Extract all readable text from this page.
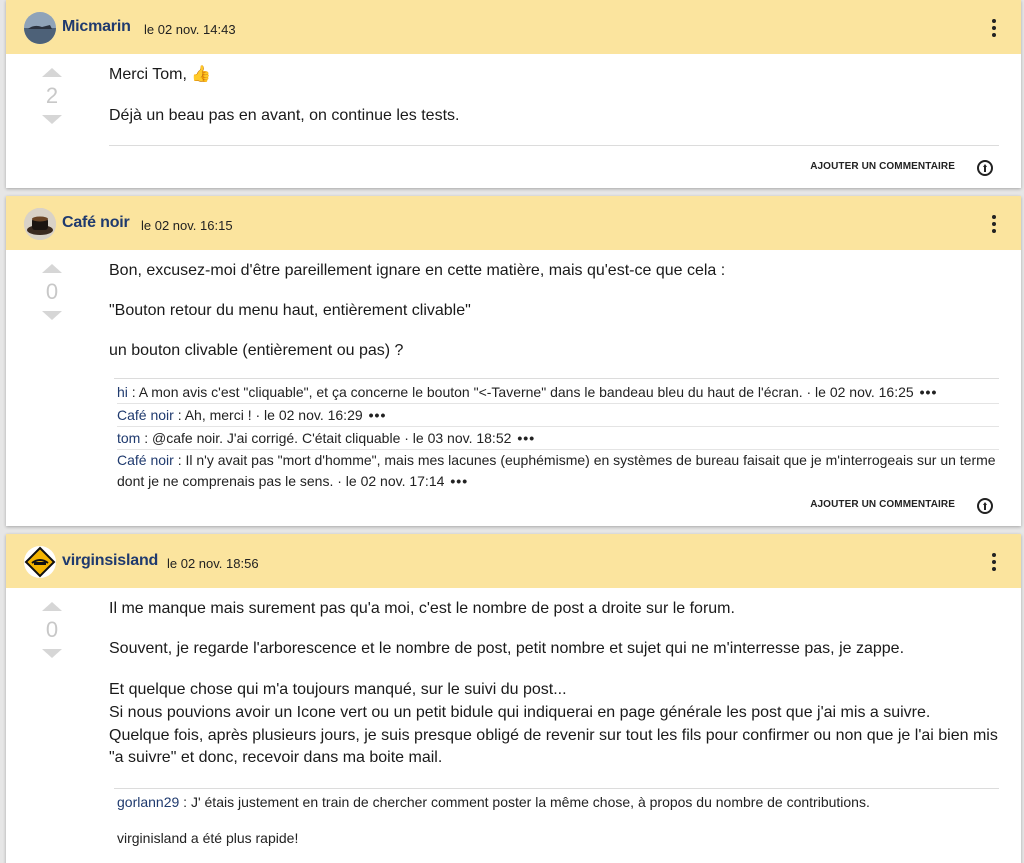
Micmarin le 02 nov. 14:43
2

Merci Tom, 👍

Déjà un beau pas en avant, on continue les tests.

AJOUTER UN COMMENTAIRE
Café noir le 02 nov. 16:15
0

Bon, excusez-moi d'être pareillement ignare en cette matière, mais qu'est-ce que cela :

"Bouton retour du menu haut, entièrement clivable"

un bouton clivable (entièrement ou pas) ?

hi : A mon avis c'est "cliquable", et ça concerne le bouton "<-Taverne" dans le bandeau bleu du haut de l'écran. · le 02 nov. 16:25 •••
Café noir : Ah, merci ! · le 02 nov. 16:29 •••
tom : @cafe noir. J'ai corrigé. C'était cliquable · le 03 nov. 18:52 •••
Café noir : Il n'y avait pas "mort d'homme", mais mes lacunes (euphémisme) en systèmes de bureau faisait que je m'interrogeais sur un terme dont je ne comprenais pas le sens. · le 02 nov. 17:14 •••
AJOUTER UN COMMENTAIRE
virginsisland le 02 nov. 18:56
0

Il me manque mais surement pas qu'a moi, c'est le nombre de post a droite sur le forum.

Souvent, je regarde l'arborescence et le nombre de post, petit nombre et sujet qui ne m'interresse pas, je zappe.

Et quelque chose qui m'a toujours manqué, sur le suivi du post...

Si nous pouvions avoir un Icone vert ou un petit bidule qui indiquerai en page générale les post que j'ai mis a suivre.

Quelque fois, après plusieurs jours, je suis presque obligé de revenir sur tout les fils pour confirmer ou non que je l'ai bien mis "a suivre" et donc, recevoir dans ma boite mail.

gorlann29 : J' étais justement en train de chercher comment poster la même chose, à propos du nombre de contributions.
virginisland a été plus rapide!
